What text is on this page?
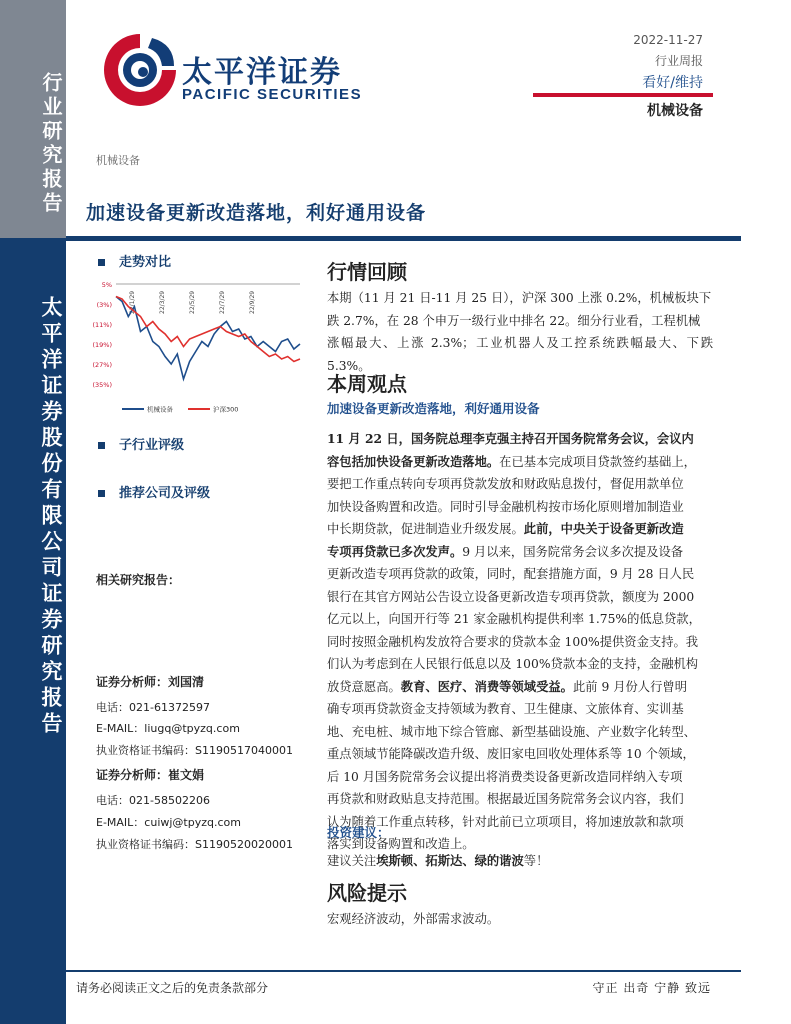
行业研究报告
太平洋证券股份有限公司证券研究报告
太平洋证券
PACIFIC SECURITIES
2022-11-27
行业周报
看好/维持
机械设备
机械设备
加速设备更新改造落地，利好通用设备
走势对比
5%
(3%)
(11%)
(19%)
(27%)
(35%)
22/1/29	22/3/29	22/5/29	22/7/29	22/9/29
机械设备	沪深300
子行业评级
推荐公司及评级
相关研究报告：
证券分析师：刘国清
电话：021-61372597
E-MAIL：liugq@tpyzq.com
执业资格证书编码：S1190517040001
证券分析师：崔文娟
电话：021-58502206
E-MAIL：cuiwj@tpyzq.com
执业资格证书编码：S1190520020001
行情回顾
本期（11 月 21 日-11 月 25 日），沪深 300 上涨 0.2%，机械板块下
跌 2.7%，在 28 个申万一级行业中排名 22。细分行业看，工程机械
涨幅最大、上涨 2.3%；工业机器人及工控系统跌幅最大、下跌 5.3%。
本周观点
加速设备更新改造落地，利好通用设备
11 月 22 日，国务院总理李克强主持召开国务院常务会议，会议内
容包括加快设备更新改造落地。在已基本完成项目贷款签约基础上，
要把工作重点转向专项再贷款发放和财政贴息拨付，督促用款单位
加快设备购置和改造。同时引导金融机构按市场化原则增加制造业
中长期贷款，促进制造业升级发展。此前，中央关于设备更新改造
专项再贷款已多次发声。9 月以来，国务院常务会议多次提及设备
更新改造专项再贷款的政策，同时，配套措施方面，9 月 28 日人民
银行在其官方网站公告设立设备更新改造专项再贷款，额度为 2000
亿元以上，向国开行等 21 家金融机构提供利率 1.75%的低息贷款，
同时按照金融机构发放符合要求的贷款本金 100%提供资金支持。我
们认为考虑到在人民银行低息以及 100%贷款本金的支持，金融机构
放贷意愿高。教育、医疗、消费等领域受益。此前 9 月份人行曾明
确专项再贷款资金支持领域为教育、卫生健康、文旅体育、实训基
地、充电桩、城市地下综合管廊、新型基础设施、产业数字化转型、
重点领域节能降碳改造升级、废旧家电回收处理体系等 10 个领域，
后 10 月国务院常务会议提出将消费类设备更新改造同样纳入专项
再贷款和财政贴息支持范围。根据最近国务院常务会议内容，我们
认为随着工作重点转移，针对此前已立项项目，将加速放款和款项
落实到设备购置和改造上。
投资建议：
建议关注埃斯顿、拓斯达、绿的谐波等！
风险提示
宏观经济波动，外部需求波动。
请务必阅读正文之后的免责条款部分	守正 出奇 宁静 致远
